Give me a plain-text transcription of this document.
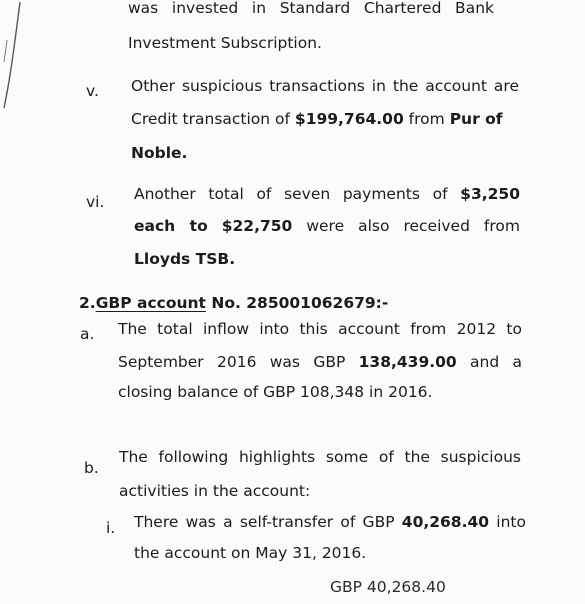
was invested in Standard Chartered Bank
Investment Subscription.
v. Other suspicious transactions in the account are
Credit transaction of $199,764.00 from Pur of
Noble.
vi. Another total of seven payments of $3,250
each to $22,750 were also received from
Lloyds TSB.
2.GBP account No. 285001062679:-
a. The total inflow into this account from 2012 to
September 2016 was GBP 138,439.00 and a
closing balance of GBP 108,348 in 2016.
b.
The following highlights some of the suspicious
activities in the account:
i. There was a self-transfer of GBP 40,268.40 into
the account on May 31, 2016.
GBP 40,268.40
